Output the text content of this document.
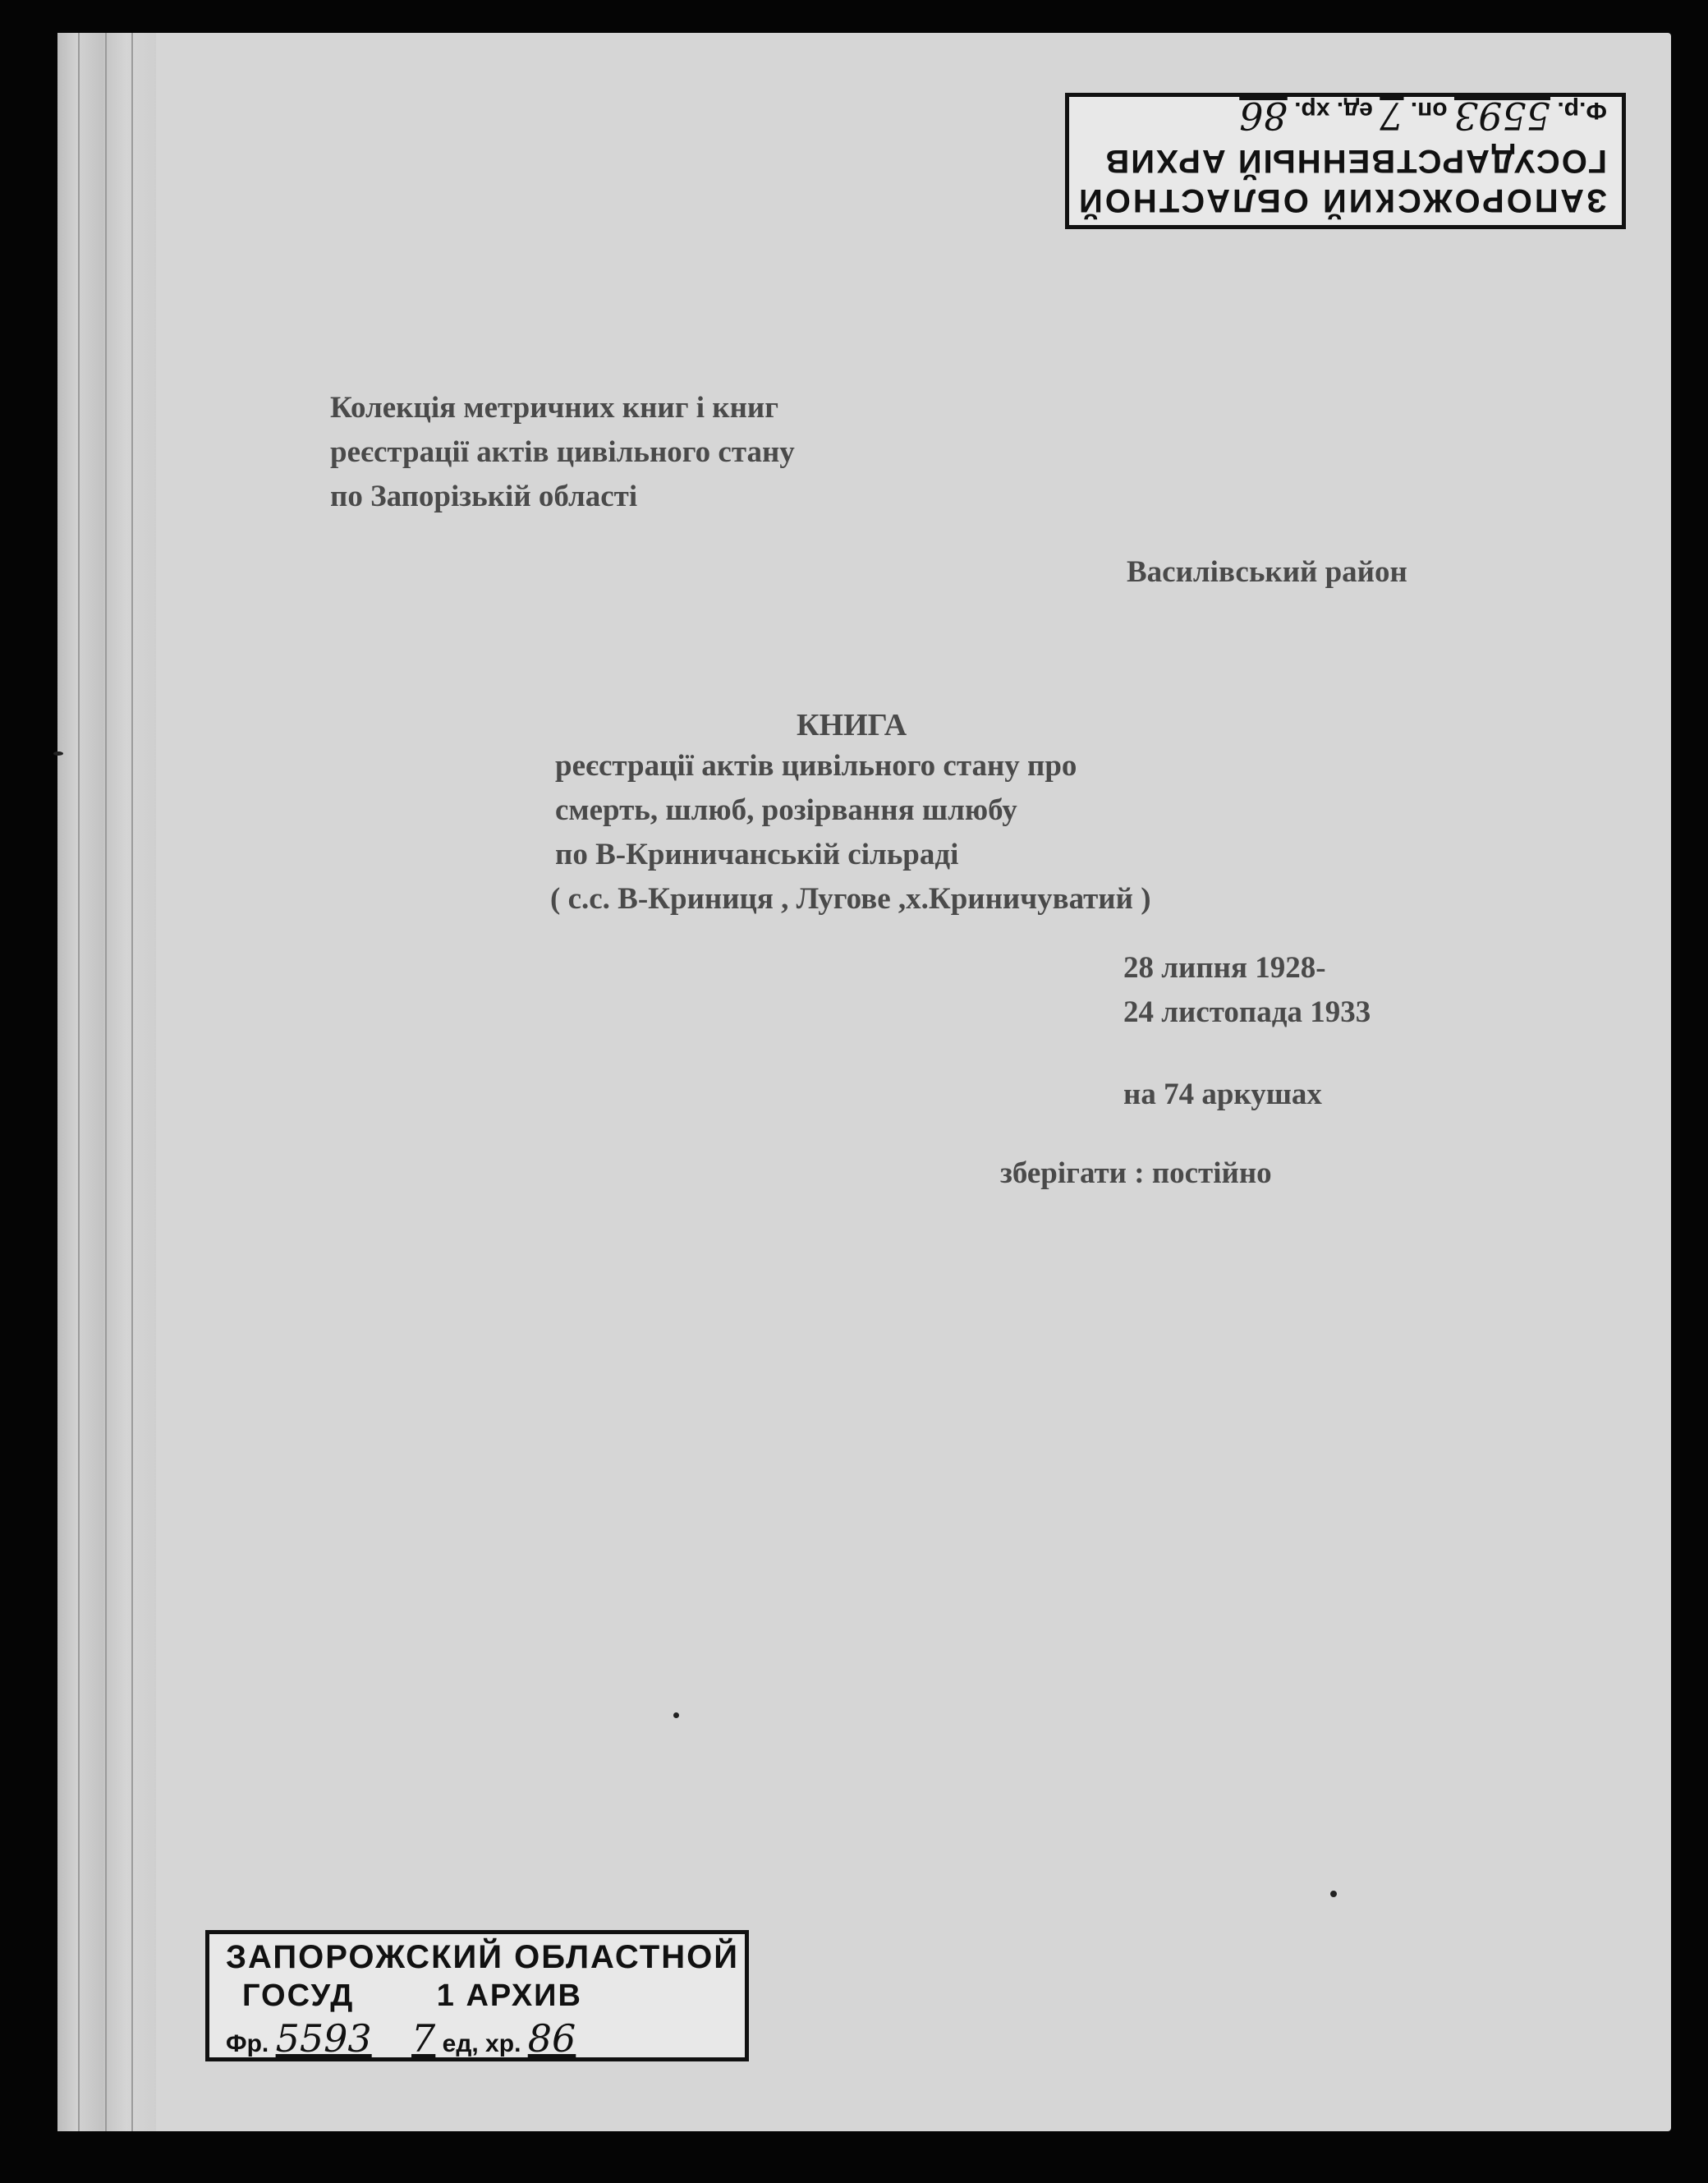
ЗАПОРОЖСКИЙ ОБЛАСТНОЙ
ГОСУДАРСТВЕННЫЙ АРХИВ
Ф.р. 5593 оп. 7 ед. хр. 86
Колекція метричних книг і книг
реєстрації актів цивільного стану
по Запорізькій області
Василівський район
КНИГА
реєстрації актів цивільного стану про
смерть, шлюб, розірвання шлюбу
по В-Криничанській сільраді
( с.с. В-Криниця , Лугове ,х.Криничуватий )
28 липня 1928-
24 листопада 1933
на 74 аркушах
зберігати : постійно
ЗАПОРОЖСКИЙ ОБЛАСТНОЙ
ГОСУД        1 АРХИВ
Фр. 5593 7 ед, хр. 86
